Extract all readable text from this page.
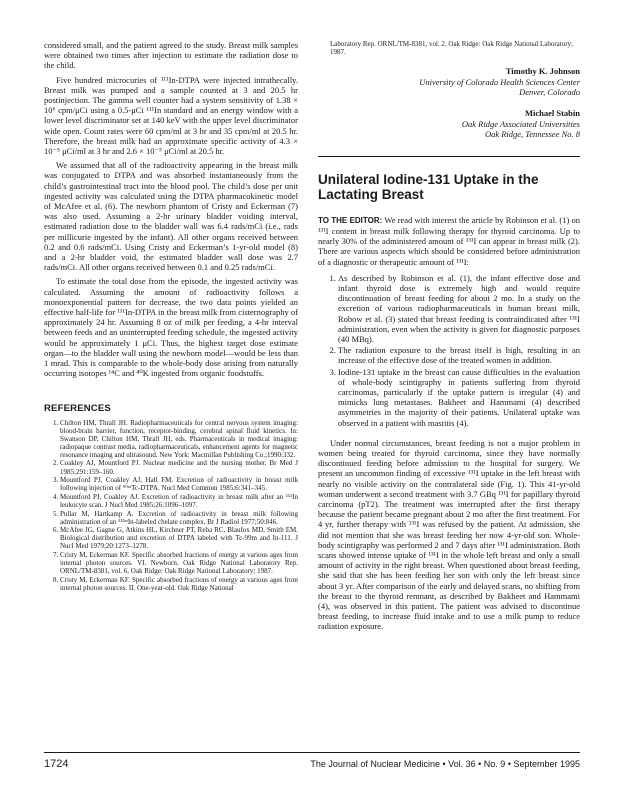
considered small, and the patient agreed to the study. Breast milk samples were obtained two times after injection to estimate the radiation dose to the child.

Five hundred microcuries of ¹¹¹In-DTPA were injected intrathecally. Breast milk was pumped and a sample counted at 3 and 20.5 hr postinjection. The gamma well counter had a system sensitivity of 1.38 × 10⁶ cpm/μCi using a 0.5-μCi ¹¹¹In standard and an energy window with a lower level discriminator set at 140 keV with the upper level discriminator wide open. Count rates were 60 cpm/ml at 3 hr and 35 cpm/ml at 20.5 hr. Therefore, the breast milk had an approximate specific activity of 4.3 × 10⁻⁵ μCi/ml at 3 hr and 2.6 × 10⁻⁵ μCi/ml at 20.5 hr.

We assumed that all of the radioactivity appearing in the breast milk was conjugated to DTPA and was absorbed instantaneously from the child’s gastrointestinal tract into the blood pool. The child’s dose per unit ingested activity was calculated using the DTPA pharmacokinetic model of McAfee et al. (6). The newborn phantom of Cristy and Eckerman (7) was also used. Assuming a 2-hr urinary bladder voiding interval, estimated radiation dose to the bladder wall was 6.4 rads/mCi (i.e., rads per millicurie ingested by the infant). All other organs received between 0.2 and 0.6 rads/mCi. Using Cristy and Eckerman’s 1-yr-old model (8) and a 2-hr bladder void, the estimated bladder wall dose was 2.7 rads/mCi. All other organs received between 0.1 and 0.25 rads/mCi.

To estimate the total dose from the episode, the ingested activity was calculated. Assuming the amount of radioactivity follows a monoexponential pattern for decrease, the two data points yielded an effective half-life for ¹¹¹In-DTPA in the breast milk from cisternography of approximately 24 hr. Assuming 8 oz of milk per feeding, a 4-hr interval between feeds and an uninterrupted feeding schedule, the ingested activity would be approximately 1 μCi. Thus, the highest target dose estimate organ—to the bladder wall using the newborn model—would be less than 1 mrad. This is comparable to the whole-body dose arising from naturally occurring isotopes ¹⁴C and ⁴⁰K ingested from organic foodstuffs.

REFERENCES
1. Chilton HM, Thrall JH. Radiopharmaceuticals for central nervous system imaging: blood-brain barrier, function, receptor-binding, cerebral spinal fluid kinetics. In: Swanson DP, Chilton HM, Thrall JH, eds. Pharmaceuticals in medical imaging: radiopaque contrast media, radiopharmaceuticals, enhancement agents for magnetic resonance imaging and ultrasound. New York: Macmillan Publishing Co.;1990:332.
2. Coakley AJ, Mountford PJ. Nuclear medicine and the nursing mother. Br Med J 1985;291:159–160.
3. Mountford PJ, Coakley AJ, Hall FM. Excretion of radioactivity in breast milk following injection of ⁹⁹ᵐTc-DTPA. Nucl Med Commun 1985;6:341–345.
4. Mountford PJ, Coakley AJ. Excretion of radioactivity in breast milk after an ¹¹¹In leukocyte scan. J Nucl Med 1985;26:1096–1097.
5. Pullar M, Hartkamp A. Excretion of radioactivity in breast milk following administration of an ¹¹³ᵐIn-labeled chelate complex. Br J Radiol 1977;50:846.
6. McAfee JG, Gagne G, Atkins HL, Kirchner PT, Reba RC, Blaufox MD, Smith EM. Biological distribution and excretion of DTPA labeled with Tc-99m and In-111. J Nucl Med 1979;20:1273–1278.
7. Cristy M, Eckerman KF. Specific absorbed fractions of energy at various ages from internal photon sources. VI. Newborn. Oak Ridge National Laboratory Rep. ORNL/TM-8381, vol. 6, Oak Ridge: Oak Ridge National Laboratory; 1987.
8. Cristy M, Eckerman KF. Specific absorbed fractions of energy at various ages from internal photon sources. II. One-year-old. Oak Ridge National

Laboratory Rep. ORNL/TM-8381, vol. 2. Oak Ridge: Oak Ridge National Laboratory; 1987.

Timothy K. Johnson
University of Colorado Health Sciences Center
Denver, Colorado
Michael Stabin
Oak Ridge Associated Universities
Oak Ridge, Tennessee No. 8
Unilateral Iodine-131 Uptake in the Lactating Breast

TO THE EDITOR: We read with interest the article by Robinson et al. (1) on ¹³¹I content in breast milk following therapy for thyroid carcinoma. Up to nearly 30% of the administered amount of ¹³¹I can appear in breast milk (2). There are various aspects which should be considered before administration of a diagnostic or therapeutic amount of ¹³¹I:

1. As described by Robinson et al. (1), the infant effective dose and infant thyroid dose is extremely high and would require discontinuation of breast feeding for about 2 mo. In a study on the excretion of various radiopharmaceuticals in human breast milk, Robow et al. (3) stated that breast feeding is contraindicated after ¹³¹I administration, even when the activity is given for diagnostic purposes (40 MBq).
2. The radiation exposure to the breast itself is high, resulting in an increase of the effective dose of the treated women in addition.
3. Iodine-131 uptake in the breast can cause difficulties in the evaluation of whole-body scintigraphy in patients suffering from thyroid carcinomas, particularly if the uptake pattern is irregular (4) and mimicks lung metastases. Bakheet and Hammami (4) described asymmetries in the majority of their patients. Unilateral uptake was observed in a patient with mastitis (4).

Under normal circumstances, breast feeding is not a major problem in women being treated for thyroid carcinoma, since they have normally discontinued feeding before admission to the hospital for surgery. We present an uncommon finding of excessive ¹³¹I uptake in the left breast with nearly no visible activity on the contralateral side (Fig. 1). This 41-yr-old woman underwent a second treatment with 3.7 GBq ¹³¹I for papillary thyroid carcinoma (pT2). The treatment was interrupted after the first therapy because the patient became pregnant about 2 mo after the first treatment. For 4 yr, further therapy with ¹³¹I was refused by the patient. At admission, she did not mention that she was breast feeding her now 4-yr-old son. Whole-body scintigraphy was performed 2 and 7 days after ¹³¹I administration. Both scans showed intense uptake of ¹³¹I in the whole left breast and only a small amount of activity in the right breast. When questioned about breast feeding, she said that she has been feeding her son with only the left breast since about 3 yr. After comparison of the early and delayed scans, no shifting from the breast to the thyroid remnant, as described by Bakheet and Hammami (4), was observed in this patient. The patient was advised to discontinue breast feeding, to increase fluid intake and to use a milk pump to reduce radiation exposure.

1724	The Journal of Nuclear Medicine • Vol. 36 • No. 9 • September 1995
